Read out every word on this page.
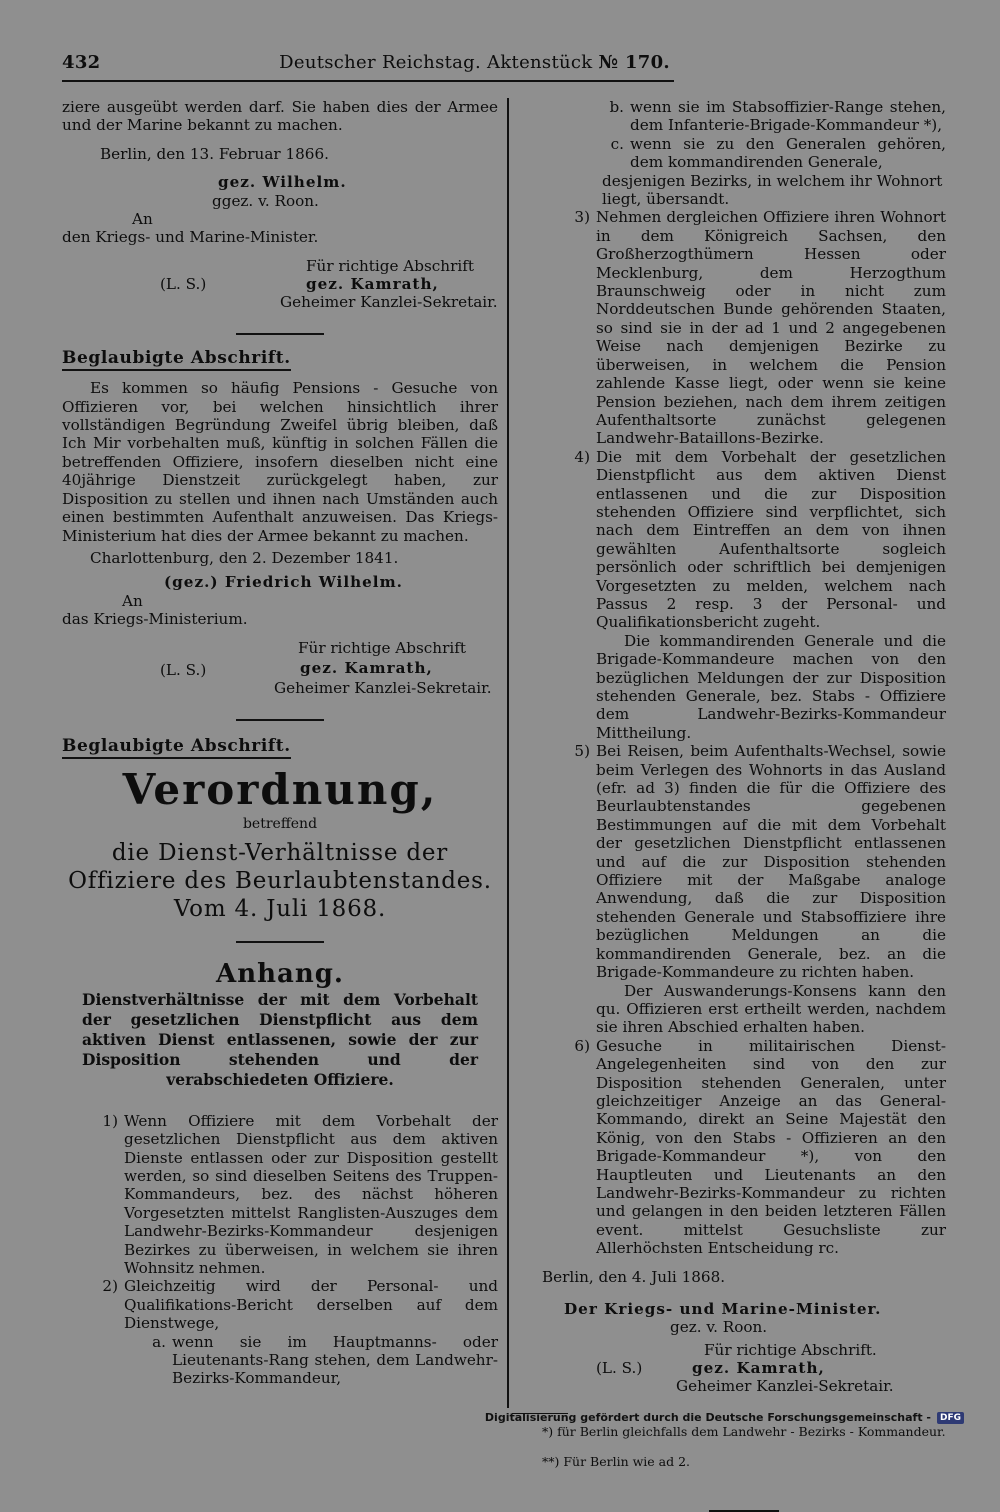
432	Deutscher Reichstag. Aktenstück № 170.

ziere ausgeübt werden darf. Sie haben dies der Armee und der Marine bekannt zu machen.

Berlin, den 13. Februar 1866.

gez. Wilhelm.

ggez. v. Roon.

An

den Kriegs- und Marine-Minister.

Für richtige Abschrift
(L. S.)	gez. Kamrath,
Geheimer Kanzlei-Sekretair.
Beglaubigte Abschrift.

Es kommen so häufig Pensions - Gesuche von Offizieren vor, bei welchen hinsichtlich ihrer vollständigen Begründung Zweifel übrig bleiben, daß Ich Mir vorbehalten muß, künftig in solchen Fällen die betreffenden Offiziere, insofern dieselben nicht eine 40jährige Dienstzeit zurückgelegt haben, zur Disposition zu stellen und ihnen nach Umständen auch einen bestimmten Aufenthalt anzuweisen. Das Kriegs-Ministerium hat dies der Armee bekannt zu machen.

Charlottenburg, den 2. Dezember 1841.

(gez.) Friedrich Wilhelm.

An

das Kriegs-Ministerium.

Für richtige Abschrift
(L. S.)	gez. Kamrath,
Geheimer Kanzlei-Sekretair.
Beglaubigte Abschrift.
Verordnung,

betreffend

die Dienst-Verhältnisse der Offiziere des Beurlaubtenstandes. Vom 4. Juli 1868.
Anhang.
Dienstverhältnisse der mit dem Vorbehalt der gesetzlichen Dienstpflicht aus dem aktiven Dienst entlassenen, sowie der zur Disposition stehenden und der verabschiedeten Offiziere.
1) Wenn Offiziere mit dem Vorbehalt der gesetzlichen Dienstpflicht aus dem aktiven Dienste entlassen oder zur Disposition gestellt werden, so sind dieselben Seitens des Truppen-Kommandeurs, bez. des nächst höheren Vorgesetzten mittelst Ranglisten-Auszuges dem Landwehr-Bezirks-Kommandeur desjenigen Bezirkes zu überweisen, in welchem sie ihren Wohnsitz nehmen.
2) Gleichzeitig wird der Personal- und Qualifikations-Bericht derselben auf dem Dienstwege,
a. wenn sie im Hauptmanns- oder Lieutenants-Rang stehen, dem Landwehr-Bezirks-Kommandeur,
b. wenn sie im Stabsoffizier-Range stehen, dem Infanterie-Brigade-Kommandeur *),
c. wenn sie zu den Generalen gehören, dem kommandirenden Generale,

desjenigen Bezirks, in welchem ihr Wohnort liegt, übersandt.

3) Nehmen dergleichen Offiziere ihren Wohnort in dem Königreich Sachsen, den Großherzogthümern Hessen oder Mecklenburg, dem Herzogthum Braunschweig oder in nicht zum Norddeutschen Bunde gehörenden Staaten, so sind sie in der ad 1 und 2 angegebenen Weise nach demjenigen Bezirke zu überweisen, in welchem die Pension zahlende Kasse liegt, oder wenn sie keine Pension beziehen, nach dem ihrem zeitigen Aufenthaltsorte zunächst gelegenen Landwehr-Bataillons-Bezirke.
4) Die mit dem Vorbehalt der gesetzlichen Dienstpflicht aus dem aktiven Dienst entlassenen und die zur Disposition stehenden Offiziere sind verpflichtet, sich nach dem Eintreffen an dem von ihnen gewählten Aufenthaltsorte sogleich persönlich oder schriftlich bei demjenigen Vorgesetzten zu melden, welchem nach Passus 2 resp. 3 der Personal- und Qualifikationsbericht zugeht.

Die kommandirenden Generale und die Brigade-Kommandeure machen von den bezüglichen Meldungen der zur Disposition stehenden Generale, bez. Stabs - Offiziere dem Landwehr-Bezirks-Kommandeur Mittheilung.

5) Bei Reisen, beim Aufenthalts-Wechsel, sowie beim Verlegen des Wohnorts in das Ausland (efr. ad 3) finden die für die Offiziere des Beurlaubtenstandes gegebenen Bestimmungen auf die mit dem Vorbehalt der gesetzlichen Dienstpflicht entlassenen und auf die zur Disposition stehenden Offiziere mit der Maßgabe analoge Anwendung, daß die zur Disposition stehenden Generale und Stabsoffiziere ihre bezüglichen Meldungen an die kommandirenden Generale, bez. an die Brigade-Kommandeure zu richten haben.

Der Auswanderungs-Konsens kann den qu. Offizieren erst ertheilt werden, nachdem sie ihren Abschied erhalten haben.

6) Gesuche in militairischen Dienst-Angelegenheiten sind von den zur Disposition stehenden Generalen, unter gleichzeitiger Anzeige an das General-Kommando, direkt an Seine Majestät den König, von den Stabs - Offizieren an den Brigade-Kommandeur *), von den Hauptleuten und Lieutenants an den Landwehr-Bezirks-Kommandeur zu richten und gelangen in den beiden letzteren Fällen event. mittelst Gesuchsliste zur Allerhöchsten Entscheidung rc.

Berlin, den 4. Juli 1868.

Der Kriegs- und Marine-Minister.

gez. v. Roon.

Für richtige Abschrift.
(L. S.)	gez. Kamrath,
Geheimer Kanzlei-Sekretair.

*) für Berlin gleichfalls dem Landwehr - Bezirks - Kommandeur.

**) Für Berlin wie ad 2.

Digitalisierung gefördert durch die Deutsche Forschungsgemeinschaft -	DFG
